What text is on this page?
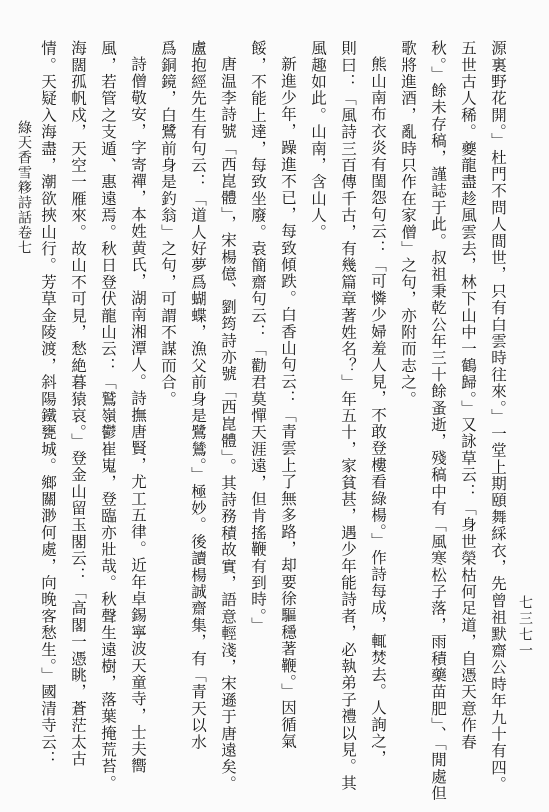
七三七一

源裏野花開。」杜門不問人間世，只有白雲時往來。」一堂上期頤舞綵衣，先曾祖默齋公時年九十有四。

五世古人稀。夔龍盡趁風雲去，林下山中一鶴歸。」又詠草云：「身世榮枯何足道，自憑天意作春

秋。」餘未存稿，謹誌于此。叔祖秉乾公年三十餘蚤逝，殘稿中有「風寒松子落，雨積藥苗肥」、「閒處但

歌將進酒，亂時只作在家僧」之句，亦附而志之。

熊山南布衣炎有閨怨句云：「可憐少婦羞人見，不敢登樓看綠楊。」作詩每成，輒焚去。人詢之，

則曰：「風詩三百傳千古，有幾篇章著姓名？」年五十，家貧甚，遇少年能詩者，必執弟子禮以見。其

風趣如此。山南，含山人。

新進少年，躁進不已，每致傾跌。白香山句云：「青雲上了無多路，却要徐驅穩著鞭。」因循氣

餒，不能上達，每致坐廢。袁簡齋句云：「勸君莫憚天涯遠，但肯搖鞭有到時。」

唐温李詩號「西崑體」，宋楊億、劉筠詩亦號「西崑體」。其詩務積故實，語意輕淺，宋遜于唐遠矣。

盧抱經先生有句云：「道人好夢爲蝴蝶，漁父前身是鷺鷥。」極妙。後讀楊誠齋集，有「青天以水

爲銅鏡，白鷺前身是釣翁」之句，可謂不謀而合。

詩僧敬安，字寄禪，本姓黄氏，湖南湘潭人。詩撫唐賢，尤工五律。近年卓錫寧波天童寺，士夫嚮

風，若管之支遁、惠遠焉。秋日登伏龍山云：「鷲嶺鬱崔嵬，登臨亦壯哉。秋聲生遠樹，落葉掩荒苔。

海闊孤帆戍，天空一雁來。故山不可見，愁絶暮猿哀。」登金山留玉閣云：「高閣一憑眺，蒼茫太古

情。天疑入海盡，潮欲挾山行。芳草金陵渡，斜陽鐵甕城。鄉關渺何處，向晚客愁生。」國清寺云：

綠天香雪簃詩話卷七
